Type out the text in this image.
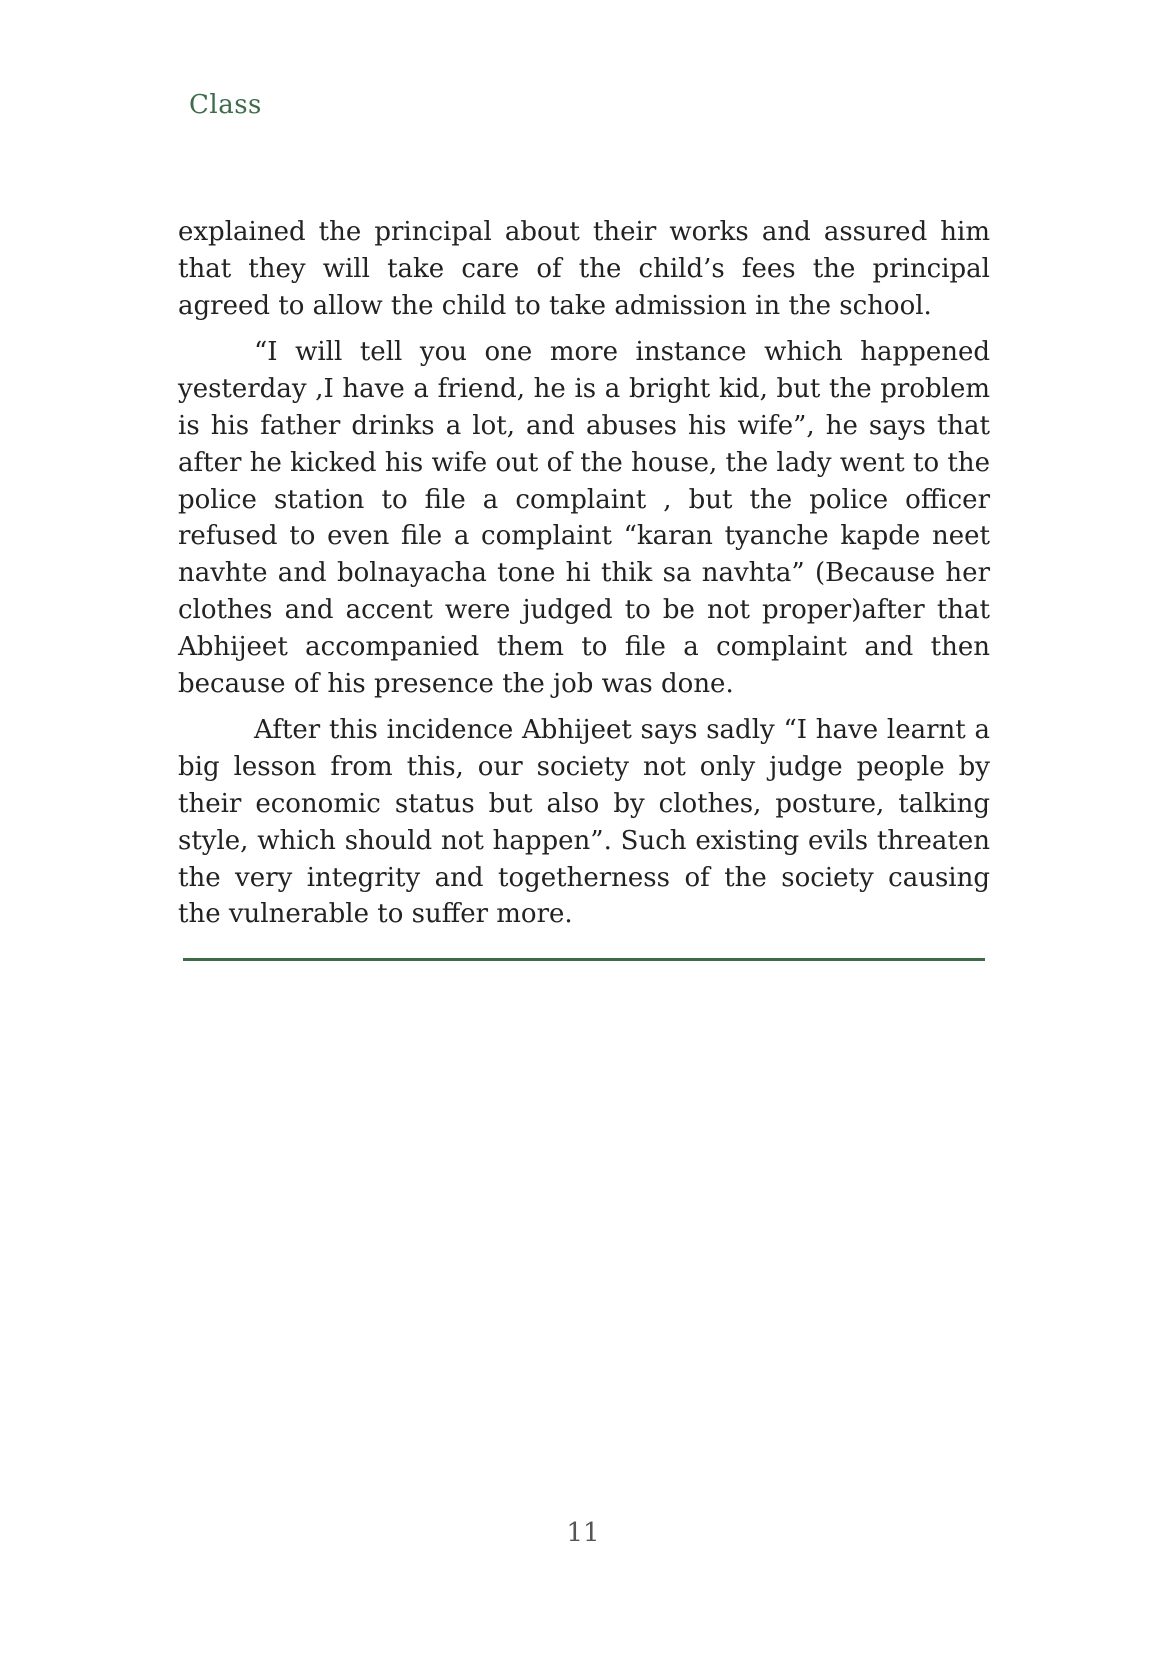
Class

explained the principal about their works and assured him that they will take care of the child’s fees the principal agreed to allow the child to take admission in the school.

“I will tell you one more instance which happened yesterday ,I have a friend, he is a bright kid, but the problem is his father drinks a lot, and abuses his wife”, he says that after he kicked his wife out of the house, the lady went to the police station to file a complaint , but the police officer refused to even file a complaint “karan tyanche kapde neet navhte and bolnayacha tone hi thik sa navhta” (Because her clothes and accent were judged to be not proper)after that Abhijeet accompanied them to file a complaint and then because of his presence the job was done.

After this incidence Abhijeet says sadly “I have learnt a big lesson from this, our society not only judge people by their economic status but also by clothes, posture, talking style, which should not happen”. Such existing evils threaten the very integrity and togetherness of the society causing the vulnerable to suffer more.

11
